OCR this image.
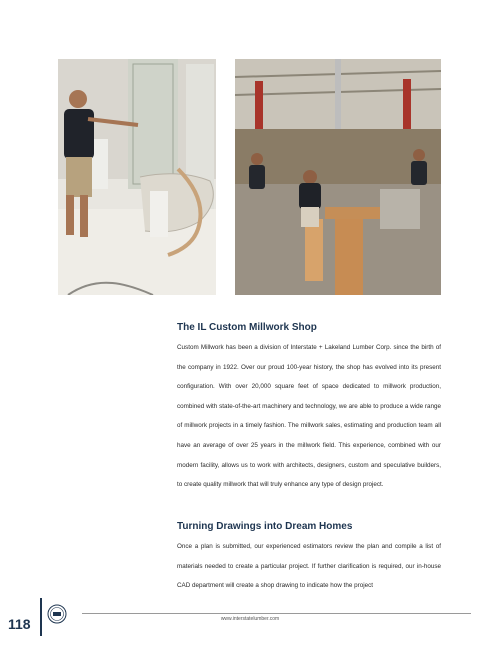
The IL Custom Millwork Shop

Custom Millwork has been a division of Interstate + Lakeland Lumber Corp. since the birth of the company in 1922. Over our proud 100-year history, the shop has evolved into its present configuration. With over 20,000 square feet of space dedicated to millwork production, combined with state-of-the-art machinery and technology, we are able to produce a wide range of millwork projects in a timely fashion. The millwork sales, estimating and production team all have an average of over 25 years in the millwork field. This experience, combined with our modern facility, allows us to work with architects, designers, custom and speculative builders, to create quality millwork that will truly enhance any type of design project.

Turning Drawings into Dream Homes

Once a plan is submitted, our experienced estimators review the plan and compile a list of materials needed to create a particular project. If further clarification is required, our in-house CAD department will create a shop drawing to indicate how the project

118	www.interstatelumber.com
